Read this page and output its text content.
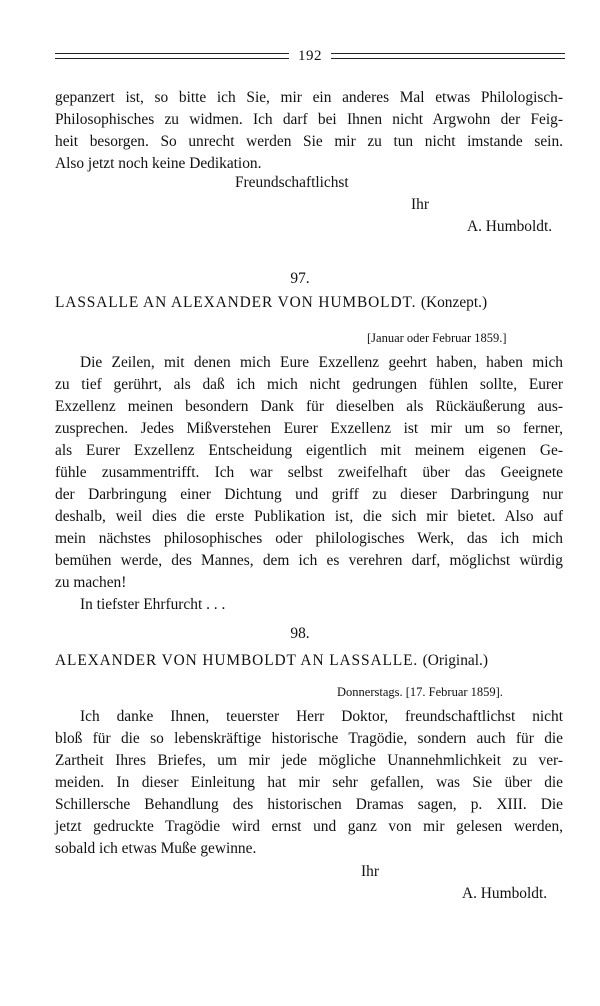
192
gepanzert ist, so bitte ich Sie, mir ein anderes Mal etwas Philologisch-
Philosophisches zu widmen. Ich darf bei Ihnen nicht Argwohn der Feig-
heit besorgen. So unrecht werden Sie mir zu tun nicht imstande sein.
Also jetzt noch keine Dedikation.
Freundschaftlichst
Ihr
A. Humboldt.
97.
LASSALLE AN ALEXANDER VON HUMBOLDT. (Konzept.)
[Januar oder Februar 1859.]
Die Zeilen, mit denen mich Eure Exzellenz geehrt haben, haben mich
zu tief gerührt, als daß ich mich nicht gedrungen fühlen sollte, Eurer
Exzellenz meinen besondern Dank für dieselben als Rückäußerung aus-
zusprechen. Jedes Mißverstehen Eurer Exzellenz ist mir um so ferner,
als Eurer Exzellenz Entscheidung eigentlich mit meinem eigenen Ge-
fühle zusammentrifft. Ich war selbst zweifelhaft über das Geeignete
der Darbringung einer Dichtung und griff zu dieser Darbringung nur
deshalb, weil dies die erste Publikation ist, die sich mir bietet. Also auf
mein nächstes philosophisches oder philologisches Werk, das ich mich
bemühen werde, des Mannes, dem ich es verehren darf, möglichst würdig
zu machen!
In tiefster Ehrfurcht . . .
98.
ALEXANDER VON HUMBOLDT AN LASSALLE. (Original.)
Donnerstags. [17. Februar 1859].
Ich danke Ihnen, teuerster Herr Doktor, freundschaftlichst nicht
bloß für die so lebenskräftige historische Tragödie, sondern auch für die
Zartheit Ihres Briefes, um mir jede mögliche Unannehmlichkeit zu ver-
meiden. In dieser Einleitung hat mir sehr gefallen, was Sie über die
Schillersche Behandlung des historischen Dramas sagen, p. XIII. Die
jetzt gedruckte Tragödie wird ernst und ganz von mir gelesen werden,
sobald ich etwas Muße gewinne.
Ihr
A. Humboldt.
